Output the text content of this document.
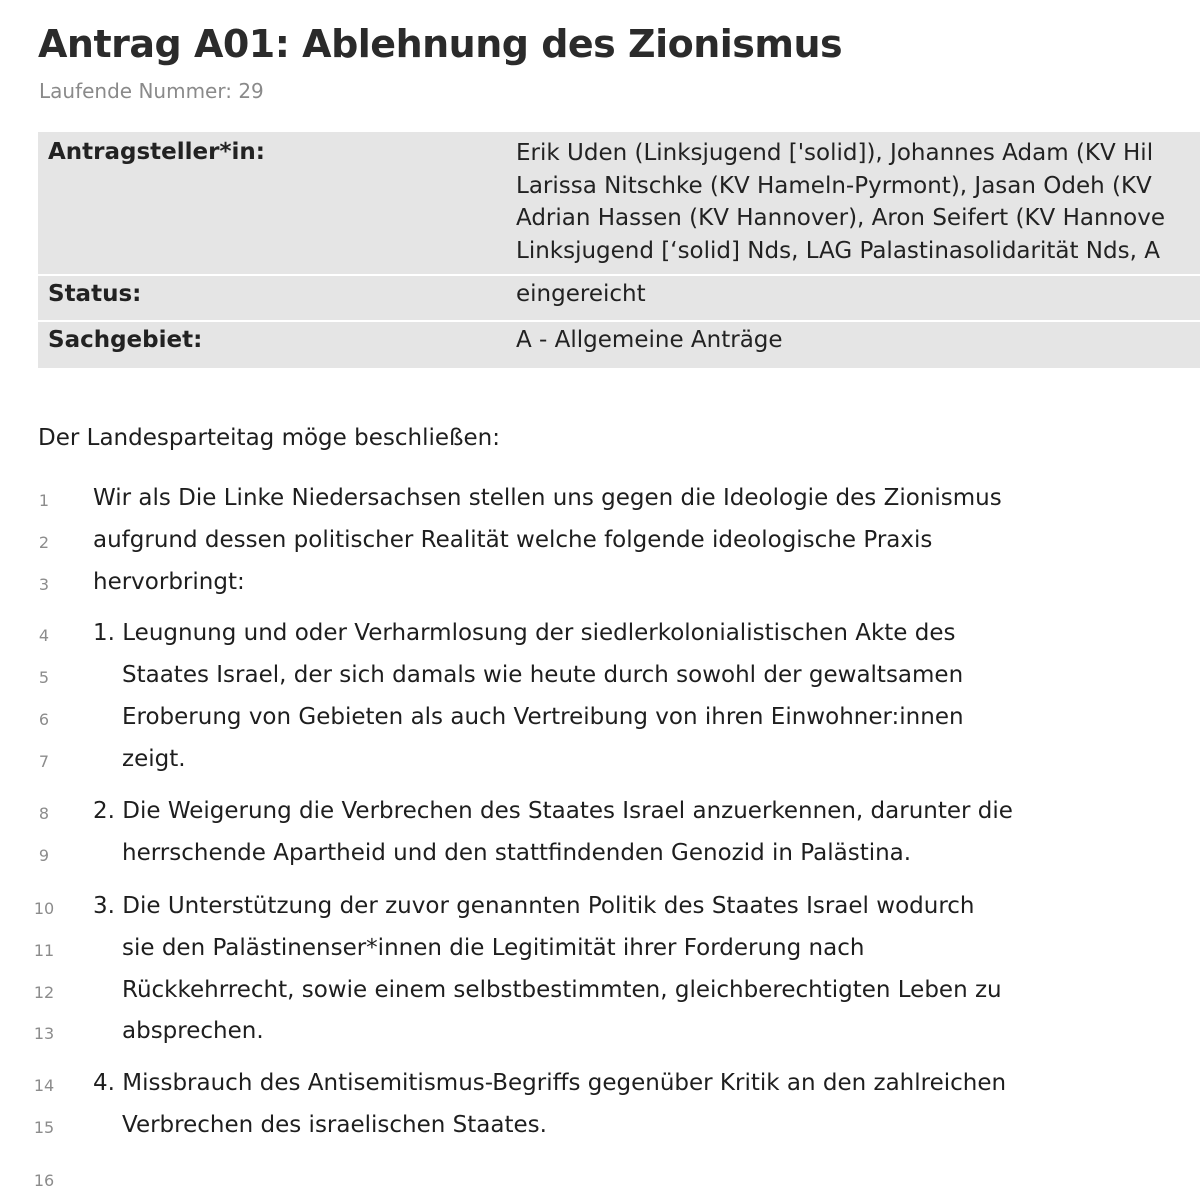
Antrag A01: Ablehnung des Zionismus
Laufende Nummer: 29
Antragsteller*in:	Erik Uden (Linksjugend ['solid]), Johannes Adam (KV Hil
Larissa Nitschke (KV Hameln-Pyrmont), Jasan Odeh (KV
Adrian Hassen (KV Hannover), Aron Seifert (KV Hannove
Linksjugend [‘solid] Nds, LAG Palastinasolidarität Nds, A
Status:	eingereicht
Sachgebiet:	A - Allgemeine Anträge
Der Landesparteitag möge beschließen:
1	Wir als Die Linke Niedersachsen stellen uns gegen die Ideologie des Zionismus
2	aufgrund dessen politischer Realität welche folgende ideologische Praxis
3	hervorbringt:
4	1. Leugnung und oder Verharmlosung der siedlerkolonialistischen Akte des
5	Staates Israel, der sich damals wie heute durch sowohl der gewaltsamen
6	Eroberung von Gebieten als auch Vertreibung von ihren Einwohner:innen
7	zeigt.
8	2. Die Weigerung die Verbrechen des Staates Israel anzuerkennen, darunter die
9	herrschende Apartheid und den stattfindenden Genozid in Palästina.
10	3. Die Unterstützung der zuvor genannten Politik des Staates Israel wodurch
11	sie den Palästinenser*innen die Legitimität ihrer Forderung nach
12	Rückkehrrecht, sowie einem selbstbestimmten, gleichberechtigten Leben zu
13	absprechen.
14	4. Missbrauch des Antisemitismus-Begriffs gegenüber Kritik an den zahlreichen
15	Verbrechen des israelischen Staates.
16
